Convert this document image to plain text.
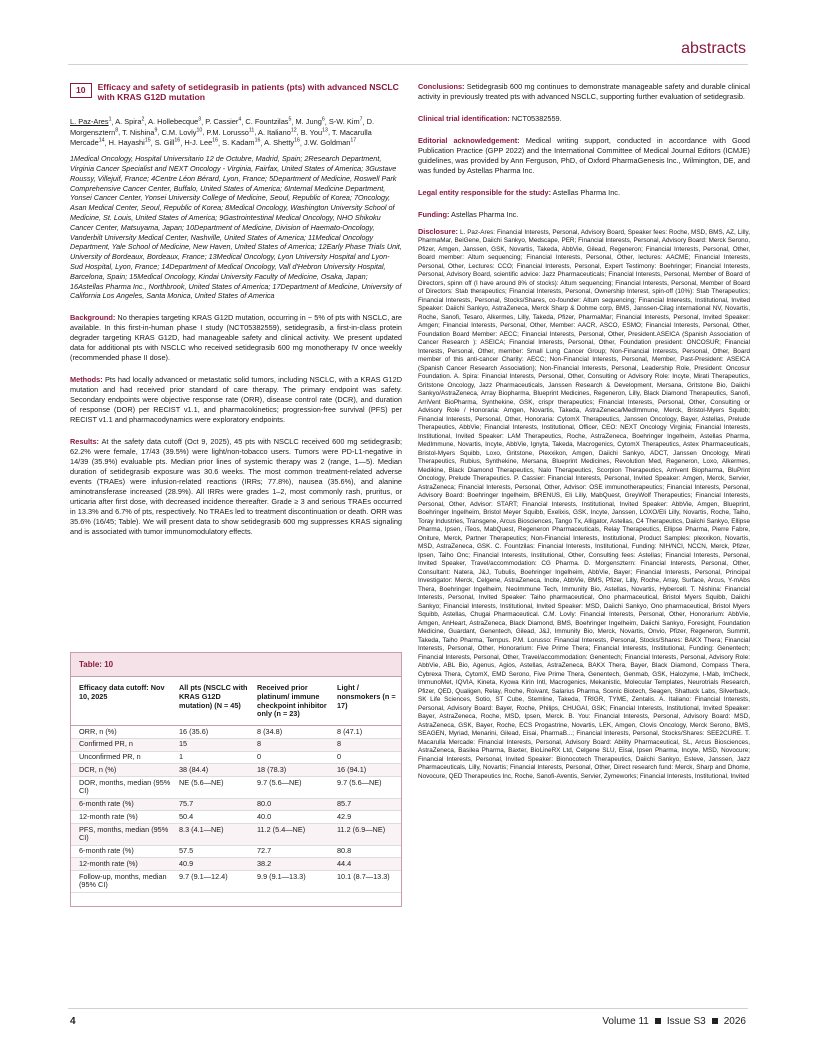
abstracts
10	Efficacy and safety of setidegrasib in patients (pts) with advanced NSCLC with KRAS G12D mutation
L. Paz-Ares$^1$, A. Spira$^2$, A. Hollebecque$^3$, P. Cassier$^4$, C. Fountzilas$^5$, M. Jung$^6$, S-W. Kim$^7$, D. Morgensztern$^8$, T. Nishina$^9$, C.M. Lovly$^{10}$, P.M. Lorusso$^{11}$, A. Italiano$^{12}$, B. You$^{13}$, T. Macarulla Mercade$^{14}$, H. Hayashi$^{15}$, S. Gill$^{16}$, H-J. Lee$^{16}$, S. Kadam$^{16}$, A. Shetty$^{16}$, J.W. Goldman$^{17}$
1Medical Oncology, Hospital Universitario 12 de Octubre, Madrid, Spain; 2Research Department, Virginia Cancer Specialist and NEXT Oncology - Virginia, Fairfax, United States of America; 3Gustave Roussy, Villejuif, France; 4Centre Léon Bérard, Lyon, France; 5Department of Medicine, Roswell Park Comprehensive Cancer Center, Buffalo, United States of America; 6Internal Medicine Department, Yonsei Cancer Center, Yonsei University College of Medicine, Seoul, Republic of Korea; 7Oncology, Asan Medical Center, Seoul, Republic of Korea; 8Medical Oncology, Washington University School of Medicine, St. Louis, United States of America; 9Gastrointestinal Medical Oncology, NHO Shikoku Cancer Center, Matsuyama, Japan; 10Department of Medicine, Division of Haemato-Oncology, Vanderbilt University Medical Center, Nashville, United States of America; 11Medical Oncology Department, Yale School of Medicine, New Haven, United States of America; 12Early Phase Trials Unit, University of Bordeaux, Bordeaux, France; 13Medical Oncology, Lyon University Hospital and Lyon-Sud Hospital, Lyon, France; 14Department of Medical Oncology, Vall d'Hebron University Hospital, Barcelona, Spain; 15Medical Oncology, Kindai University Faculty of Medicine, Osaka, Japan; 16Astellas Pharma Inc., Northbrook, United States of America; 17Department of Medicine, University of California Los Angeles, Santa Monica, United States of America
Background: No therapies targeting KRAS G12D mutation, occurring in ~ 5% of pts with NSCLC, are available. In this first-in-human phase I study (NCT05382559), setidegrasib, a first-in-class protein degrader targeting KRAS G12D, had manageable safety and clinical activity. We present updated data for additional pts with NSCLC who received setidegrasib 600 mg monotherapy IV once weekly (recommended phase II dose).
Methods: Pts had locally advanced or metastatic solid tumors, including NSCLC, with a KRAS G12D mutation and had received prior standard of care therapy. The primary endpoint was safety. Secondary endpoints were objective response rate (ORR), disease control rate (DCR), and duration of response (DOR) per RECIST v1.1, and pharmacokinetics; progression-free survival (PFS) per RECIST v1.1 and pharmacodynamics were exploratory endpoints.
Results: At the safety data cutoff (Oct 9, 2025), 45 pts with NSCLC received 600 mg setidegrasib; 62.2% were female, 17/43 (39.5%) were light/non-tobacco users. Tumors were PD-L1-negative in 14/39 (35.9%) evaluable pts. Median prior lines of systemic therapy was 2 (range, 1—5). Median duration of setidegrasib exposure was 30.6 weeks. The most common treatment-related adverse events (TRAEs) were infusion-related reactions (IRRs; 77.8%), nausea (35.6%), and alanine aminotransferase increased (28.9%). All IRRs were grades 1–2, most commonly rash, pruritus, or urticaria after first dose, with decreased incidence thereafter. Grade ≥ 3 and serious TRAEs occurred in 13.3% and 6.7% of pts, respectively. No TRAEs led to treatment discontinuation or death. ORR was 35.6% (16/45; Table). We will present data to show setidegrasib 600 mg suppresses KRAS signaling and is associated with tumor immunomodulatory effects.
Table: 10
Efficacy data cutoff: Nov 10, 2025	All pts (NSCLC with KRAS G12D mutation) (N = 45)	Received prior platinum/ immune checkpoint inhibitor only (n = 23)	Light / nonsmokers (n = 17)
ORR, n (%)	16 (35.6)	8 (34.8)	8 (47.1)
Confirmed PR, n	15	8	8
Unconfirmed PR, n	1	0	0
DCR, n (%)	38 (84.4)	18 (78.3)	16 (94.1)
DOR, months, median (95% CI)	NE (5.6—NE)	9.7 (5.6—NE)	9.7 (5.6—NE)
6-month rate (%)	75.7	80.0	85.7
12-month rate (%)	50.4	40.0	42.9
PFS, months, median (95% CI)	8.3 (4.1—NE)	11.2 (5.4—NE)	11.2 (6.9—NE)
6-month rate (%)	57.5	72.7	80.8
12-month rate (%)	40.9	38.2	44.4
Follow-up, months, median (95% CI)	9.7 (9.1—12.4)	9.9 (9.1—13.3)	10.1 (8.7—13.3)
Conclusions: Setidegrasib 600 mg continues to demonstrate manageable safety and durable clinical activity in previously treated pts with advanced NSCLC, supporting further evaluation of setidegrasib.
Clinical trial identification: NCT05382559.
Editorial acknowledgement: Medical writing support, conducted in accordance with Good Publication Practice (GPP 2022) and the International Committee of Medical Journal Editors (ICMJE) guidelines, was provided by Ann Ferguson, PhD, of Oxford PharmaGenesis Inc., Wilmington, DE, and was funded by Astellas Pharma Inc.
Legal entity responsible for the study: Astellas Pharma Inc.
Funding: Astellas Pharma Inc.
Disclosure: L. Paz-Ares: Financial Interests, Personal, Advisory Board, Speaker fees: Roche, MSD, BMS, AZ, Lilly, PharmaMar, BeiGene, Daiichi Sankyo, Medscape, PER; Financial Interests, Personal, Advisory Board: Merck Serono, Pfizer, Amgen, Janssen, GSK, Novartis, Takeda, AbbVie, Gilead, Regeneron; Financial Interests, Personal, Other, Board member: Altum sequencing; Financial Interests, Personal, Other, lectures: AACME; Financial Interests, Personal, Other, Lectures: CCO; Financial Interests, Personal, Expert Testimony: Boehringer; Financial Interests, Personal, Advisory Board, scientific advice: Jazz Pharmaceuticals; Financial Interests, Personal, Member of Board of Directors, spinn off (I have around 8% of stocks): Altum sequencing; Financial Interests, Personal, Member of Board of Directors: Stab therapeutics; Financial Interests, Personal, Ownership Interest, spin-off (10%): Stab Therapeutics; Financial Interests, Personal, Stocks/Shares, co-founder: Altum sequencing; Financial Interests, Institutional, Invited Speaker: Daiichi Sankyo, AstraZeneca, Merck Sharp & Dohme corp, BMS, Janssen-Cilag international NV, Novartis, Roche, Sanofi, Tesaro, Alkermes, Lilly, Takeda, Pfizer, PharmaMar; Financial Interests, Personal, Invited Speaker: Amgen; Financial Interests, Personal, Other, Member: AACR, ASCO, ESMO; Financial Interests, Personal, Other, Foundation Board Member: AECC; Financial Interests, Personal, Other, President.ASEICA (Spanish Association of Cancer Research ): ASEICA; Financial Interests, Personal, Other, Foundation president: ONCOSUR; Financial Interests, Personal, Other, member: Small Lung Cancer Group; Non-Financial Interests, Personal, Other, Board member of this anti-cancer Charity: AECC; Non-Financial Interests, Personal, Member, Past-President: ASEICA (Spanish Cancer Research Association); Non-Financial Interests, Personal, Leadership Role, President: Oncosur Foundation. A. Spira: Financial Interests, Personal, Other, Consulting or Advisory Role: Incyte, Mirati Therapeutics, Gritstone Oncology, Jazz Pharmaceuticals, Janssen Research & Development, Mersana, Gritstone Bio, Daiichi Sankyo/AstraZeneca, Array Biopharma, Blueprint Medicines, Regeneron, Lilly, Black Diamond Therapeutics, Sanofi, ArriVent BioPharma, Synthekine, GSK, crispr therapeutics; Financial Interests, Personal, Other, Consulting or Advisory Role / Honoraria: Amgen, Novartis, Takeda, AstraZeneca/MedImmune, Merck, Bristol-Myers Squibb; Financial Interests, Personal, Other, Honoraria: CytomX Therapeutics, Janssen Oncology, Bayer, Astellas, Prelude Therapeutics, AbbVie; Financial Interests, Institutional, Officer, CEO: NEXT Oncology Virginia; Financial Interests, Institutional, Invited Speaker: LAM Therapeutics, Roche, AstraZeneca, Boehringer Ingelheim, Astellas Pharma, MedImmune, Novartis, Incyte, AbbVie, Ignyta, Takeda, Macrogenics, CytomX Therapeutics, Astex Pharmaceuticals, Bristol-Myers Squibb, Loxo, Gritstone, Plexxikon, Amgen, Daiichi Sankyo, ADCT, Janssen Oncology, Mirati Therapeutics, Rubius, Synthekine, Mersana, Blueprint Medicines, Revolution Med, Regeneron, Loxo, Alkermes, Medikine, Black Diamond Therapeutics, Nalo Therapeutics, Scorpion Therapeutics, Arrivent Biopharma, BluPrint Oncology, Prelude Therapeutics. P. Cassier: Financial Interests, Personal, Invited Speaker: Amgen, Merck, Servier, AstraZeneca; Financial Interests, Personal, Other, Advisor: OSE immunotherapeutics; Financial Interests, Personal, Advisory Board: Boehringer Ingelheim, BRENUS, Eli Lilly, MabQuest, GreyWolf Therapeutics; Financial Interests, Personal, Other, Advisor: START; Financial Interests, Institutional, Invited Speaker: AbbVie, Amgen, Blueprint, Boehringer Ingelheim, Bristol Meyer Squibb, Exelixis, GSK, Incyte, Janssen, LOXO/Eli Lilly, Novartis, Roche, Taiho, Toray Industries, Transgene, Arcus Biosciences, Tango Tx, Alligator, Astellas, C4 Therapeutics, Daiichi Sankyo, Ellipse Pharma, Ipsen, iTeos, MabQuest, Regeneron Pharmaceuticals, Relay Therapeutics, Ellipse Pharma, Pierre Fabre, Oniture, Merck, Partner Therapeutics; Non-Financial Interests, Institutional, Product Samples: plexxikon, Novartis, MSD, AstraZeneca, GSK. C. Fountzilas: Financial Interests, Institutional, Funding: NIH/NCI, NCCN, Merck, Pfizer, Ipsen, Taiho Onc; Financial Interests, Institutional, Other, Consulting fees: Astellas; Financial Interests, Personal, Invited Speaker, Travel/accommodation: CG Pharma. D. Morgensztern: Financial Interests, Personal, Other, Consultant: Natera, J&J, Tubulis, Boehringer Ingelheim, AbbVie, Bayer; Financial Interests, Personal, Principal Investigator: Merck, Celgene, AstraZeneca, Incite, AbbVie, BMS, Pfizer, Lilly, Roche, Array, Surface, Arcus, Y-mAbs Thera, Boehringer Ingelheim, NeoImmune Tech, Immunity Bio, Astellas, Novartis, Hybercell. T. Nishina: Financial Interests, Personal, Invited Speaker: Taiho pharmaceutical, Ono pharmaceutical, Bristol Myers Squibb, Daiichi Sankyo; Financial Interests, Institutional, Invited Speaker: MSD, Daiichi Sankyo, Ono pharmaceutical, Bristol Myers Squibb, Astellas, Chugai Pharmaceutical. C.M. Lovly: Financial Interests, Personal, Other, Honorarium: AbbVie, Amgen, AnHeart, AstraZeneca, Black Diamond, BMS, Boehringer Ingelheim, Daiichi Sankyo, Foresight, Foundation Medicine, Guardant, Genentech, Gilead, J&J, Immunity Bio, Merck, Novartis, Onvio, Pfizer, Regeneron, Summit, Takeda, Taiho Pharma, Tempus. P.M. Lorusso: Financial Interests, Personal, Stocks/Shares: BAKX Thera; Financial Interests, Personal, Other, Honorarium: Five Prime Thera; Financial Interests, Institutional, Funding: Genentech; Financial Interests, Personal, Other, Travel/accommodation: Genentech; Financial Interests, Personal, Advisory Role: AbbVie, ABL Bio, Agenus, Agios, Astellas, AstraZeneca, BAKX Thera, Bayer, Black Diamond, Compass Thera, Cybrexa Thera, CytomX, EMD Serono, Five Prime Thera, Genentech, Genmab, GSK, Halozyme, I-Mab, ImCheck, ImmunoMet, IQVIA, Kineta, Kyowa Kirin Intl, Macrogenics, Mekanistic, Molecular Templates, Neurotrials Research, Pfizer, QED, Qualigen, Relay, Roche, Roivant, Salarius Pharma, Scenic Biotech, Seagen, Shattuck Labs, Silverback, SK Life Sciences, Sotio, ST Cube, Stemline, Takeda, TRIGR, TYME, Zentalis. A. Italiano: Financial Interests, Personal, Advisory Board: Bayer, Roche, Philips, CHUGAI, GSK; Financial Interests, Institutional, Invited Speaker: Bayer, AstraZeneca, Roche, MSD, Ipsen, Merck. B. You: Financial Interests, Personal, Advisory Board: MSD, AstraZeneca, GSK, Bayer, Roche, ECS Progastrine, Novartis, LEK, Amgen, Clovis Oncology, Merck Serono, BMS, SEAGEN, Myriad, Menarini, Gilead, Eisai, PharmaB...; Financial Interests, Personal, Stocks/Shares: SEE2CURE. T. Macarulla Mercade: Financial Interests, Personal, Advisory Board: Ability Pharmaceutical, SL, Arcus Biosciences, AstraZeneca, Basilea Pharma, Baxter, BioLineRX Ltd, Celgene SLU, Eisai, Ipsen Pharma, Incyte, MSD, Novocure; Financial Interests, Personal, Invited Speaker: Bionocotech Therapeutics, Daiichi Sankyo, Esteve, Janssen, Jazz Pharmaceuticals, Lilly, Novartis; Financial Interests, Personal, Other, Direct research fund: Merck, Sharp and Dhome, Novocure, QED Therapeutics Inc, Roche, Sanofi-Aventis, Servier, Zymeworks; Financial Interests, Institutional, Invited
4	Volume 11 Issue S3 2026
